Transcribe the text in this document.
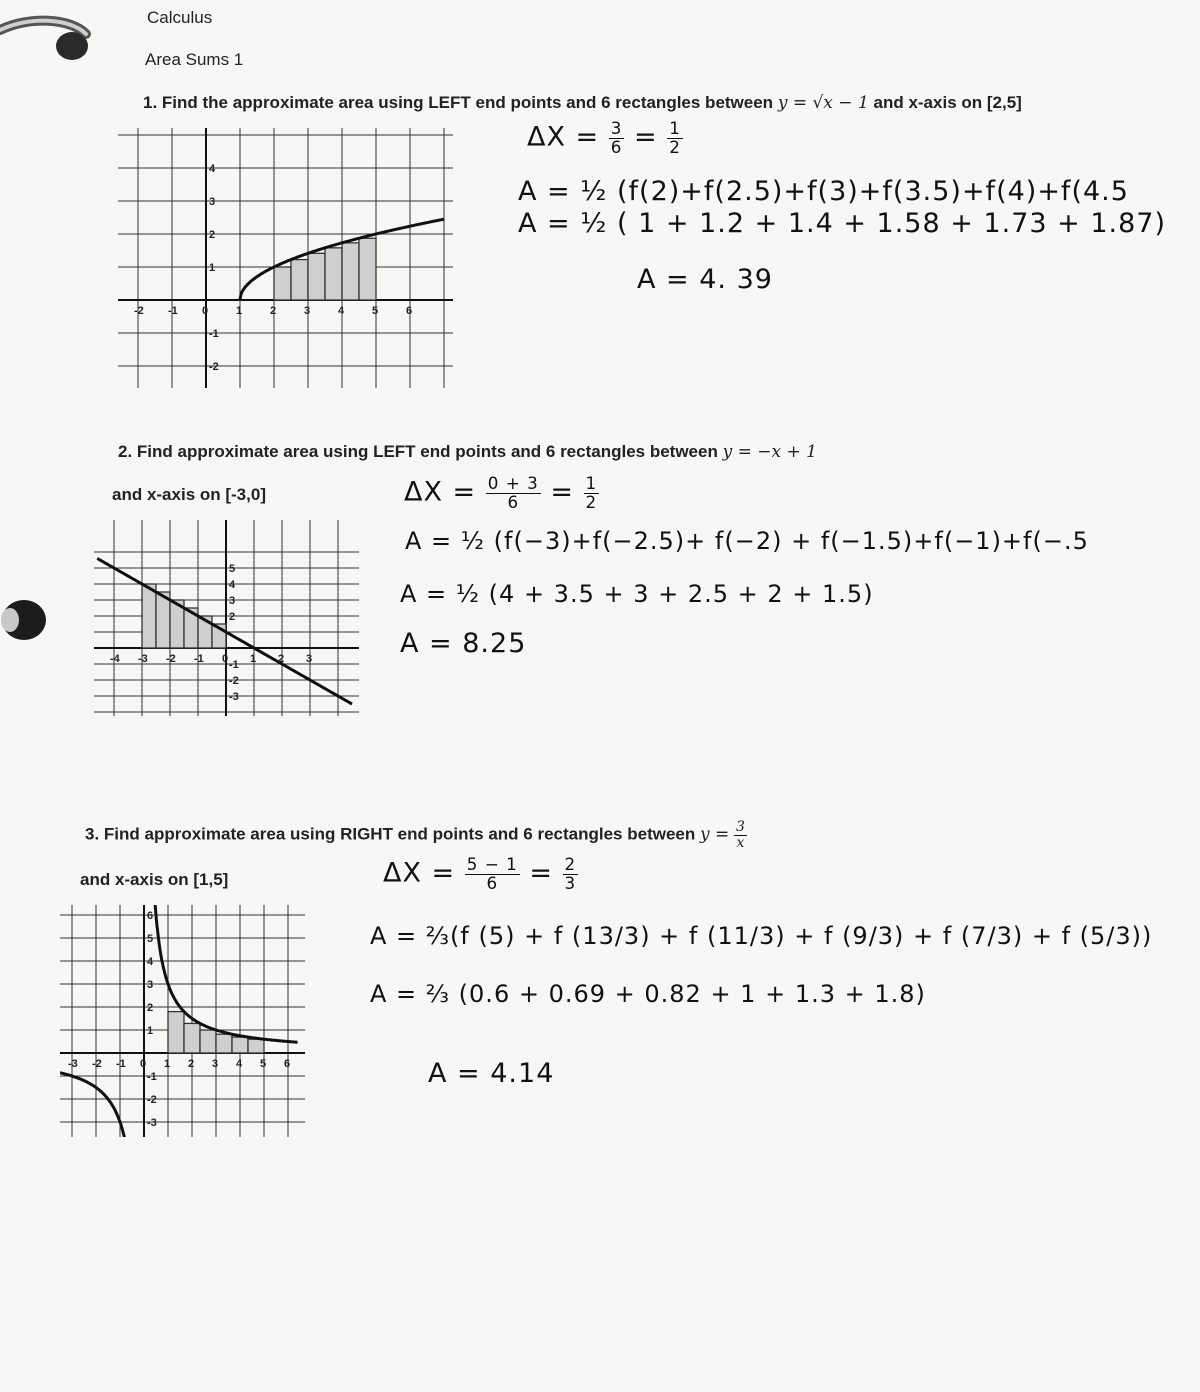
Calculus
Area Sums 1
1. Find the approximate area using LEFT end points and 6 rectangles between y = √x − 1 and x-axis on [2,5]
-2 -1 0	1	2	3	4	5	6
4
3
2
1
-1
-2
$\Delta X = \frac{3}{6} = \frac{1}{2}$
A = ½ (f(2)+f(2.5)+f(3)+f(3.5)+f(4)+f(4.5
A = ½ ( 1 + 1.2 + 1.4 + 1.58 + 1.73 + 1.87)
A = 4. 39
2. Find approximate area using LEFT end points and 6 rectangles between y = −x + 1
and x-axis on [-3,0]
-4 -3 -2 -1 0 1 2 3
5
4
3
2
-1
-2
-3
$\Delta X = \frac{0 + 3}{6} = \frac{1}{2}$
A = ½ (f(−3)+f(−2.5)+ f(−2) + f(−1.5)+f(−1)+f(−.5
A = ½ (4 + 3.5 + 3 + 2.5 + 2 + 1.5)
A = 8.25
3. Find approximate area using RIGHT end points and 6 rectangles between $y = \frac{3}{x}$
and x-axis on [1,5]
-3 -2 -1 0 1 2 3 4 5 6
6
5
4
3
2
1
-1
-2
-3
$\Delta X = \frac{5 - 1}{6} = \frac{2}{3}$
A = ⅔(f (5) + f (13/3) + f (11/3) + f (9/3) + f (7/3) + f (5/3))
A = ⅔ (0.6 + 0.69 + 0.82 + 1 + 1.3 + 1.8)
A = 4.14
